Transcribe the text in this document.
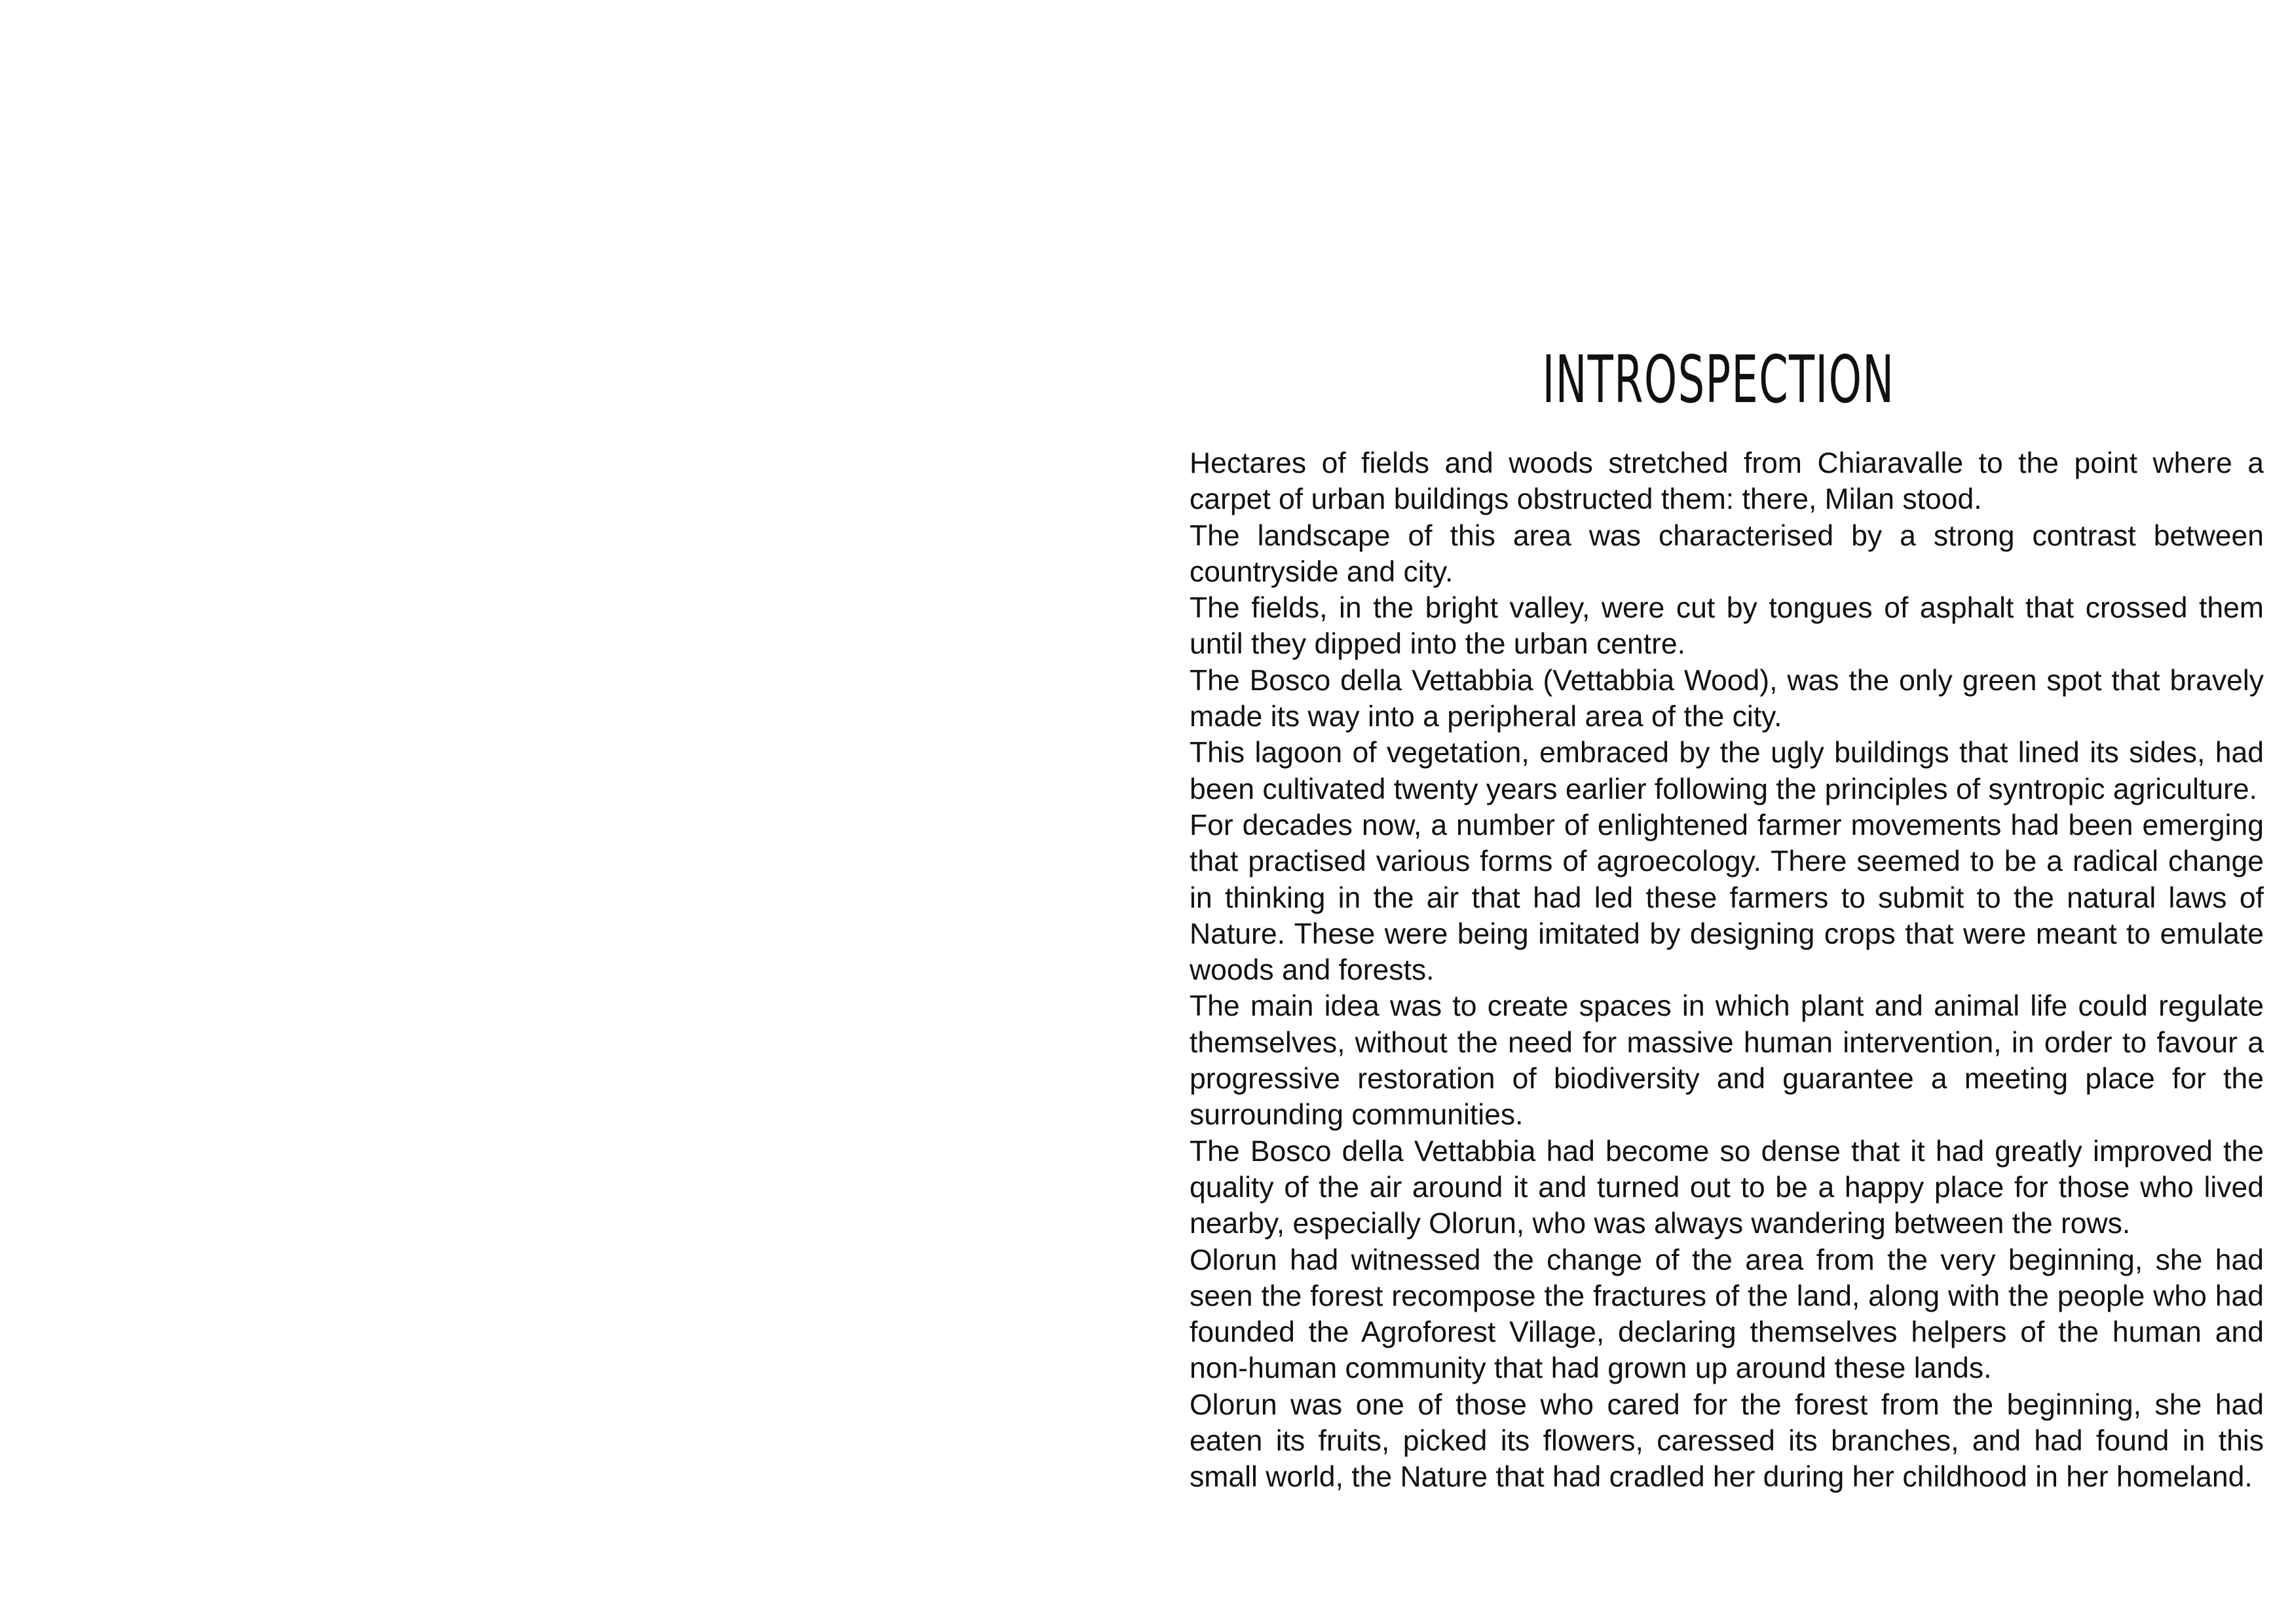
INTROSPECTION

Hectares of fields and woods stretched from Chiaravalle to the point where a carpet of urban buildings obstructed them: there, Milan stood.

The landscape of this area was characterised by a strong contrast between countryside and city.

The fields, in the bright valley, were cut by tongues of asphalt that crossed them until they dipped into the urban centre.

The Bosco della Vettabbia (Vettabbia Wood), was the only green spot that bravely made its way into a peripheral area of the city.

This lagoon of vegetation, embraced by the ugly buildings that lined its sides, had been cultivated twenty years earlier following the principles of syntropic agriculture.

For decades now, a number of enlightened farmer movements had been emerging that practised various forms of agroecology. There seemed to be a radical change in thinking in the air that had led these farmers to submit to the natural laws of Nature. These were being imitated by designing crops that were meant to emulate woods and forests.

The main idea was to create spaces in which plant and animal life could regulate themselves, without the need for massive human intervention, in order to favour a progressive restoration of biodiversity and guarantee a meeting place for the surrounding communities.

The Bosco della Vettabbia had become so dense that it had greatly improved the quality of the air around it and turned out to be a happy place for those who lived nearby, especially Olorun, who was always wandering between the rows.

Olorun had witnessed the change of the area from the very beginning, she had seen the forest recompose the fractures of the land, along with the people who had founded the Agroforest Village, declaring themselves helpers of the human and non-human community that had grown up around these lands.

Olorun was one of those who cared for the forest from the beginning, she had eaten its fruits, picked its flowers, caressed its branches, and had found in this small world, the Nature that had cradled her during her childhood in her homeland.
